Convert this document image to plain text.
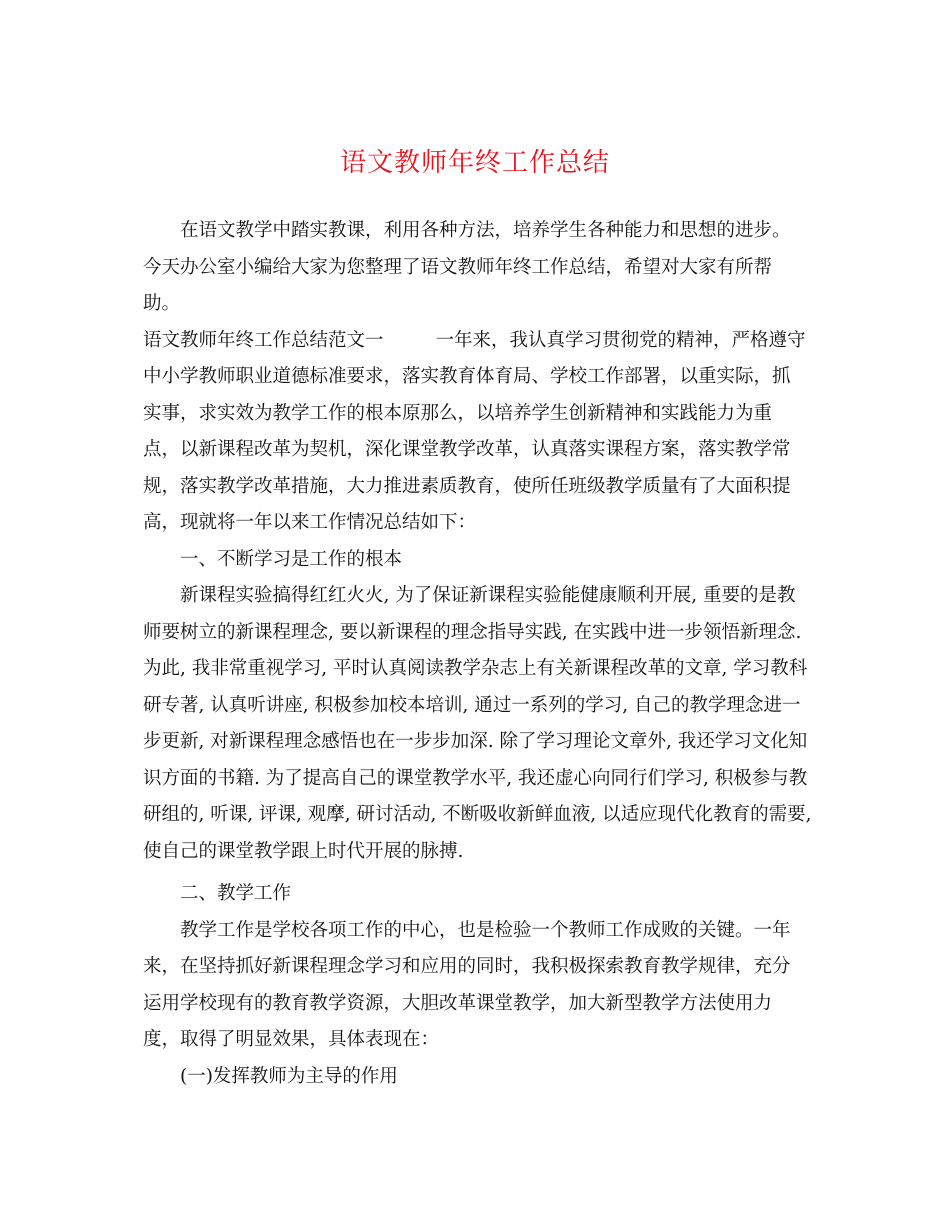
语文教师年终工作总结
在语文教学中踏实教课，利用各种方法，培养学生各种能力和思想的进步。
今天办公室小编给大家为您整理了语文教师年终工作总结，希望对大家有所帮
助。
语文教师年终工作总结范文一	一年来，我认真学习贯彻党的精神，严格遵守
中小学教师职业道德标准要求，落实教育体育局、学校工作部署，以重实际，抓
实事，求实效为教学工作的根本原那么，以培养学生创新精神和实践能力为重
点，以新课程改革为契机，深化课堂教学改革，认真落实课程方案，落实教学常
规，落实教学改革措施，大力推进素质教育，使所任班级教学质量有了大面积提
高，现就将一年以来工作情况总结如下：
一、不断学习是工作的根本
新课程实验搞得红红火火, 为了保证新课程实验能健康顺利开展, 重要的是教
师要树立的新课程理念, 要以新课程的理念指导实践, 在实践中进一步领悟新理念.
为此, 我非常重视学习, 平时认真阅读教学杂志上有关新课程改革的文章, 学习教科
研专著, 认真听讲座, 积极参加校本培训, 通过一系列的学习, 自己的教学理念进一
步更新, 对新课程理念感悟也在一步步加深. 除了学习理论文章外, 我还学习文化知
识方面的书籍. 为了提高自己的课堂教学水平, 我还虚心向同行们学习, 积极参与教
研组的, 听课, 评课, 观摩, 研讨活动, 不断吸收新鲜血液, 以适应现代化教育的需要,
使自己的课堂教学跟上时代开展的脉搏.
二、教学工作
教学工作是学校各项工作的中心，也是检验一个教师工作成败的关键。一年
来，在坚持抓好新课程理念学习和应用的同时，我积极探索教育教学规律，充分
运用学校现有的教育教学资源，大胆改革课堂教学，加大新型教学方法使用力
度，取得了明显效果，具体表现在：
(一)发挥教师为主导的作用
